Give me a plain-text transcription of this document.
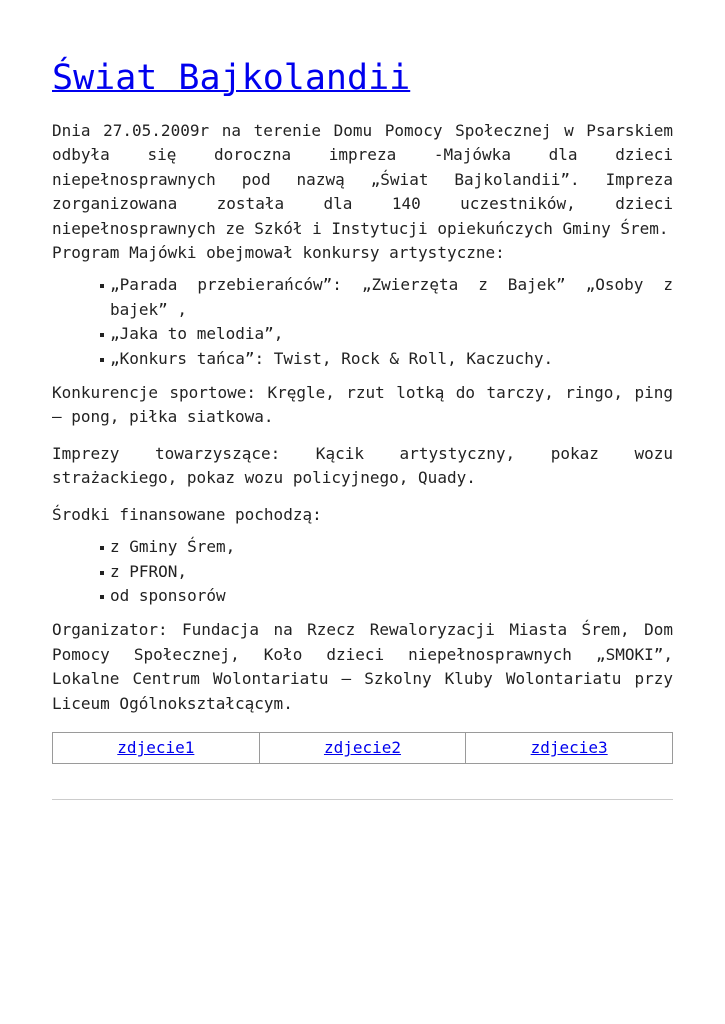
Świat Bajkolandii

Dnia 27.05.2009r na terenie Domu Pomocy Społecznej w Psarskiem odbyła się doroczna impreza -Majówka dla dzieci niepełnosprawnych pod nazwą „Świat Bajkolandii”. Impreza zorganizowana została dla 140 uczestników, dzieci niepełnosprawnych ze Szkół i Instytucji opiekuńczych Gminy Śrem.

Program Majówki obejmował konkursy artystyczne:

„Parada przebierańców”: „Zwierzęta z Bajek” „Osoby z bajek” ,
„Jaka to melodia”,
„Konkurs tańca”: Twist, Rock & Roll, Kaczuchy.

Konkurencje sportowe: Kręgle, rzut lotką do tarczy, ringo, ping – pong, piłka siatkowa.

Imprezy towarzyszące: Kącik artystyczny, pokaz wozu strażackiego, pokaz wozu policyjnego, Quady.

Środki finansowane pochodzą:

z Gminy Śrem,
z PFRON,
od sponsorów

Organizator: Fundacja na Rzecz Rewaloryzacji Miasta Śrem, Dom Pomocy Społecznej, Koło dzieci niepełnosprawnych „SMOKI”, Lokalne Centrum Wolontariatu – Szkolny Kluby Wolontariatu przy Liceum Ogólnokształcącym.

zdjecie1	zdjecie2	zdjecie3
